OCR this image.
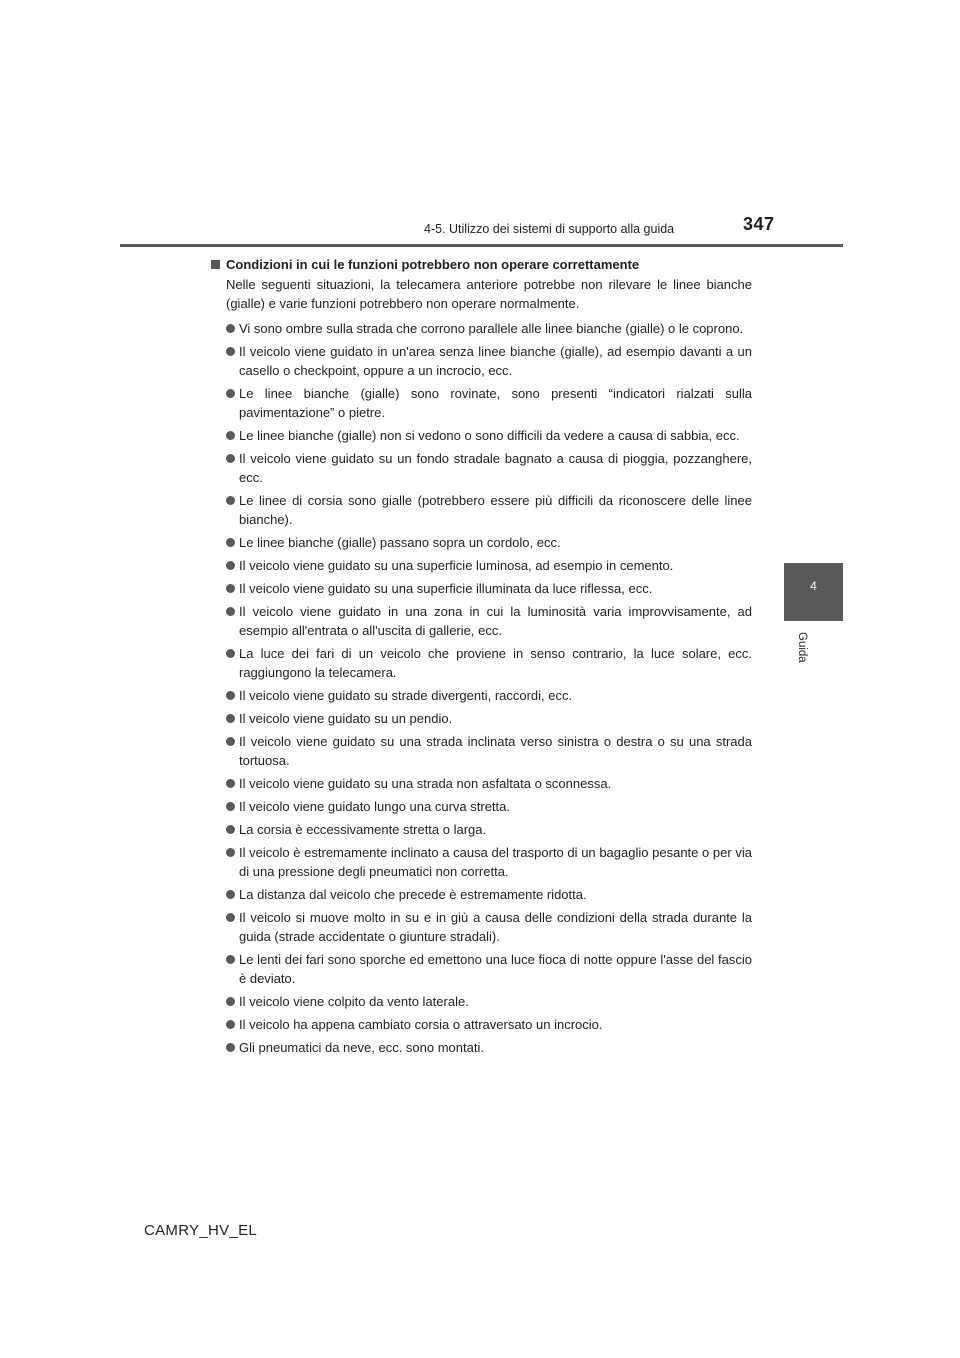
4-5. Utilizzo dei sistemi di supporto alla guida	347
4
Guida
Condizioni in cui le funzioni potrebbero non operare correttamente
Nelle seguenti situazioni, la telecamera anteriore potrebbe non rilevare le linee bianche (gialle) e varie funzioni potrebbero non operare normalmente.
Vi sono ombre sulla strada che corrono parallele alle linee bianche (gialle) o le coprono.
Il veicolo viene guidato in un'area senza linee bianche (gialle), ad esempio davanti a un casello o checkpoint, oppure a un incrocio, ecc.
Le linee bianche (gialle) sono rovinate, sono presenti “indicatori rialzati sulla pavimentazione” o pietre.
Le linee bianche (gialle) non si vedono o sono difficili da vedere a causa di sabbia, ecc.
Il veicolo viene guidato su un fondo stradale bagnato a causa di pioggia, pozzanghere, ecc.
Le linee di corsia sono gialle (potrebbero essere più difficili da riconoscere delle linee bianche).
Le linee bianche (gialle) passano sopra un cordolo, ecc.
Il veicolo viene guidato su una superficie luminosa, ad esempio in cemento.
Il veicolo viene guidato su una superficie illuminata da luce riflessa, ecc.
Il veicolo viene guidato in una zona in cui la luminosità varia improvvisamente, ad esempio all'entrata o all'uscita di gallerie, ecc.
La luce dei fari di un veicolo che proviene in senso contrario, la luce solare, ecc. raggiungono la telecamera.
Il veicolo viene guidato su strade divergenti, raccordi, ecc.
Il veicolo viene guidato su un pendio.
Il veicolo viene guidato su una strada inclinata verso sinistra o destra o su una strada tortuosa.
Il veicolo viene guidato su una strada non asfaltata o sconnessa.
Il veicolo viene guidato lungo una curva stretta.
La corsia è eccessivamente stretta o larga.
Il veicolo è estremamente inclinato a causa del trasporto di un bagaglio pesante o per via di una pressione degli pneumatici non corretta.
La distanza dal veicolo che precede è estremamente ridotta.
Il veicolo si muove molto in su e in giù a causa delle condizioni della strada durante la guida (strade accidentate o giunture stradali).
Le lenti dei fari sono sporche ed emettono una luce fioca di notte oppure l'asse del fascio è deviato.
Il veicolo viene colpito da vento laterale.
Il veicolo ha appena cambiato corsia o attraversato un incrocio.
Gli pneumatici da neve, ecc. sono montati.
CAMRY_HV_EL
